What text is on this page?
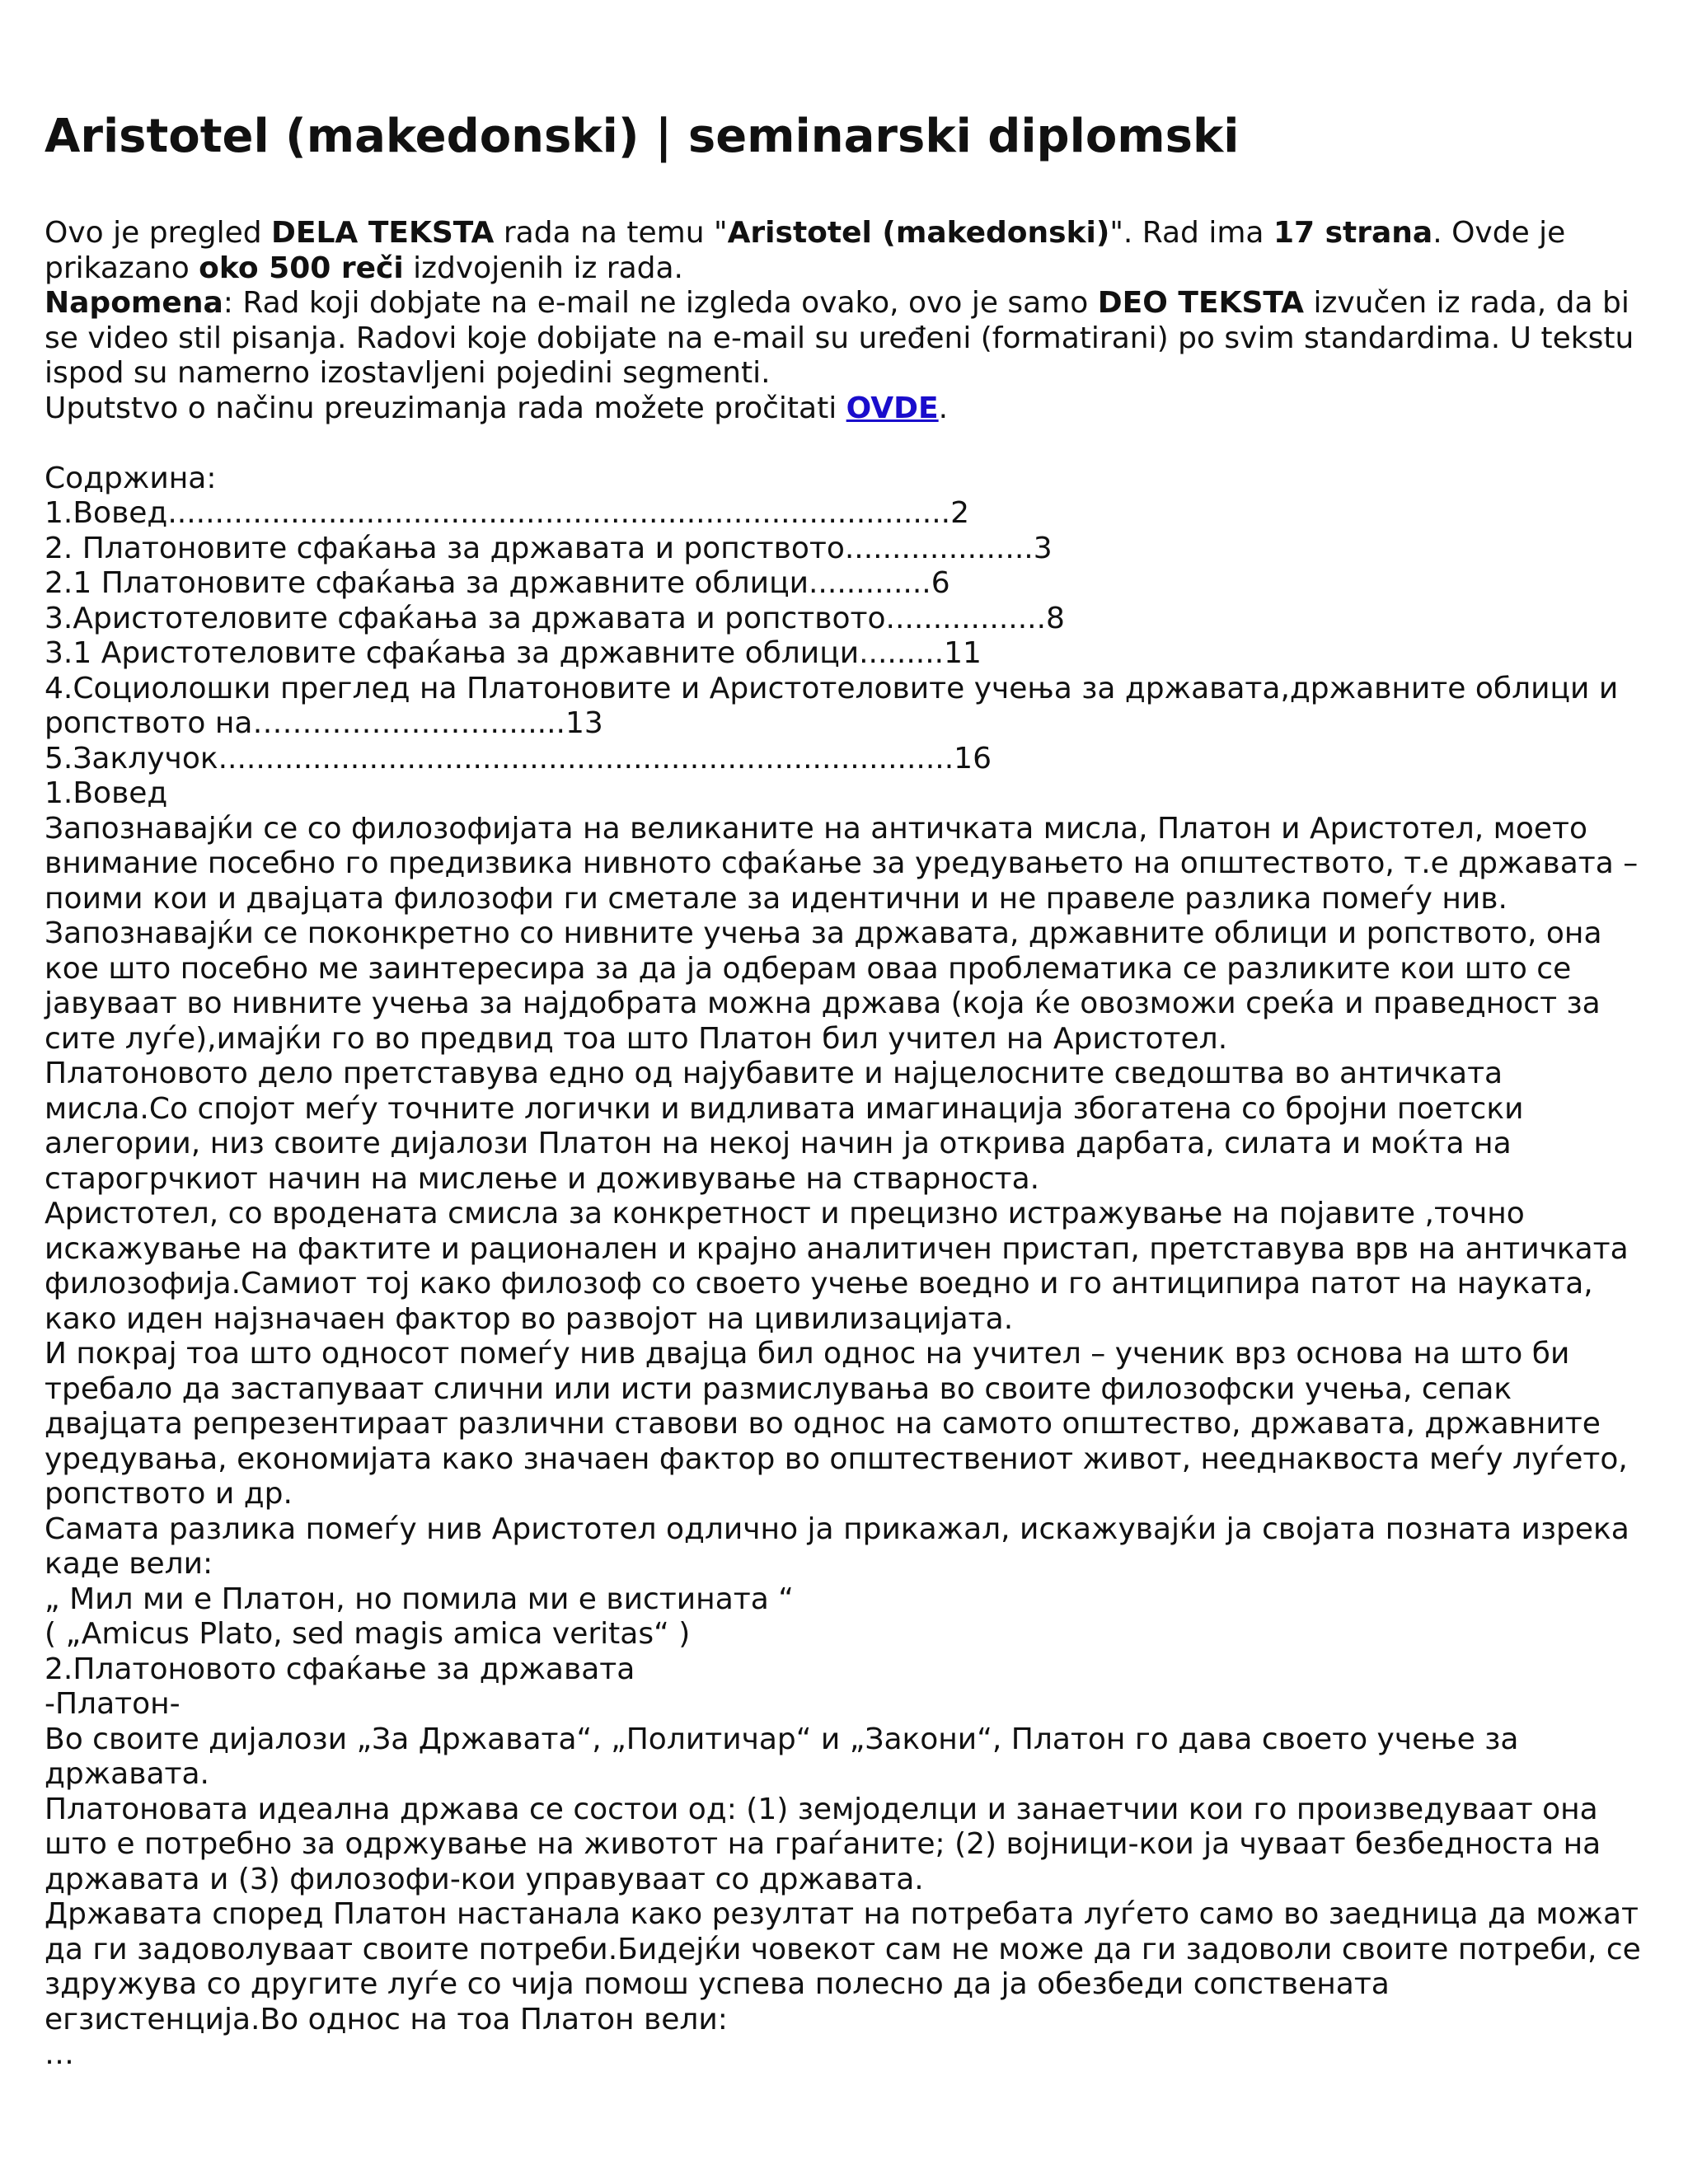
Aristotel (makedonski) | seminarski diplomski

Ovo je pregled DELA TEKSTA rada na temu "Aristotel (makedonski)". Rad ima 17 strana. Ovde je prikazano oko 500 reči izdvojenih iz rada.

Napomena: Rad koji dobjate na e-mail ne izgleda ovako, ovo je samo DEO TEKSTA izvučen iz rada, da bi se video stil pisanja. Radovi koje dobijate na e-mail su uređeni (formatirani) po svim standardima. U tekstu ispod su namerno izostavljeni pojedini segmenti.

Uputstvo o načinu preuzimanja rada možete pročitati OVDE.

Содржина:

1.Вовед...................................................................................2

2. Платоновите сфаќања за државата и ропството....................3

2.1 Платоновите сфаќања за државните облици.............6

3.Аристотеловите сфаќања за државата и ропството.................8

3.1 Аристотеловите сфаќања за државните облици.........11

4.Социолошки преглед на Платоновите и Аристотеловите учења за државата,државните облици и ропството на……………………........13

5.Заклучок..............................................................................16

1.Вовед

Запознавајќи се со филозофијата на великаните на античката мисла, Платон и Аристотел, моето внимание посебно го предизвика нивното сфаќање за уредувањето на општеството, т.е државата – поими кои и двајцата филозофи ги сметале за идентични и не правеле разлика помеѓу нив.

Запознавајќи се поконкретно со нивните учења за државата, државните облици и ропството, она кое што посебно ме заинтересира за да ја одберам оваа проблематика се разликите кои што се јавуваат во нивните учења за најдобрата можна држава (која ќе овозможи среќа и праведност за сите луѓе),имајќи го во предвид тоа што Платон бил учител на Аристотел.

Платоновото дело претставува едно од најубавите и најцелосните сведоштва во античката мисла.Со спојот меѓу точните логички и видливата имагинација збогатена со бројни поетски алегории, низ своите дијалози Платон на некој начин ја открива дарбата, силата и моќта на старогрчкиот начин на мислење и доживување на стварноста.

Аристотел, со вродената смисла за конкретност и прецизно истражување на појавите ,точно искажување на фактите и рационален и крајно аналитичен пристап, претставува врв на античката филозофија.Самиот тој како филозоф со своето учење воедно и го антиципира патот на науката, како иден најзначаен фактор во развојот на цивилизацијата.

И покрај тоа што односот помеѓу нив двајца бил однос на учител – ученик врз основа на што би требало да застапуваат слични или исти размислувања во своите филозофски учења, сепак двајцата репрезентираат различни ставови во однос на самото општество, државата, државните уредувања, економијата како значаен фактор во општествениот живот, нееднаквоста меѓу луѓето, ропството и др.

Самата разлика помеѓу нив Аристотел одлично ја прикажал, искажувајќи ја својата позната изрека каде вели:

„ Мил ми е Платон, но помила ми е вистината “

( „Amicus Plato, sed magis amica veritas“ )

2.Платоновото сфаќање за државата

-Платон-

Во своите дијалози „За Државата“, „Политичар“ и „Закони“, Платон го дава своето учење за државата.

Платоновата идеална држава се состои од: (1) земјоделци и занаетчии кои го произведуваат она што е потребно за одржување на животот на граѓаните; (2) војници-кои ја чуваат безбедноста на државата и (3) филозофи-кои управуваат со државата.

Државата според Платон настанала како резултат на потребата луѓето само во заедница да можат да ги задоволуваат своите потреби.Бидејќи човекот сам не може да ги задоволи своите потреби, се здружува со другите луѓе со чија помош успева полесно да ја обезбеди сопствената егзистенција.Во однос на тоа Платон вели:

…
